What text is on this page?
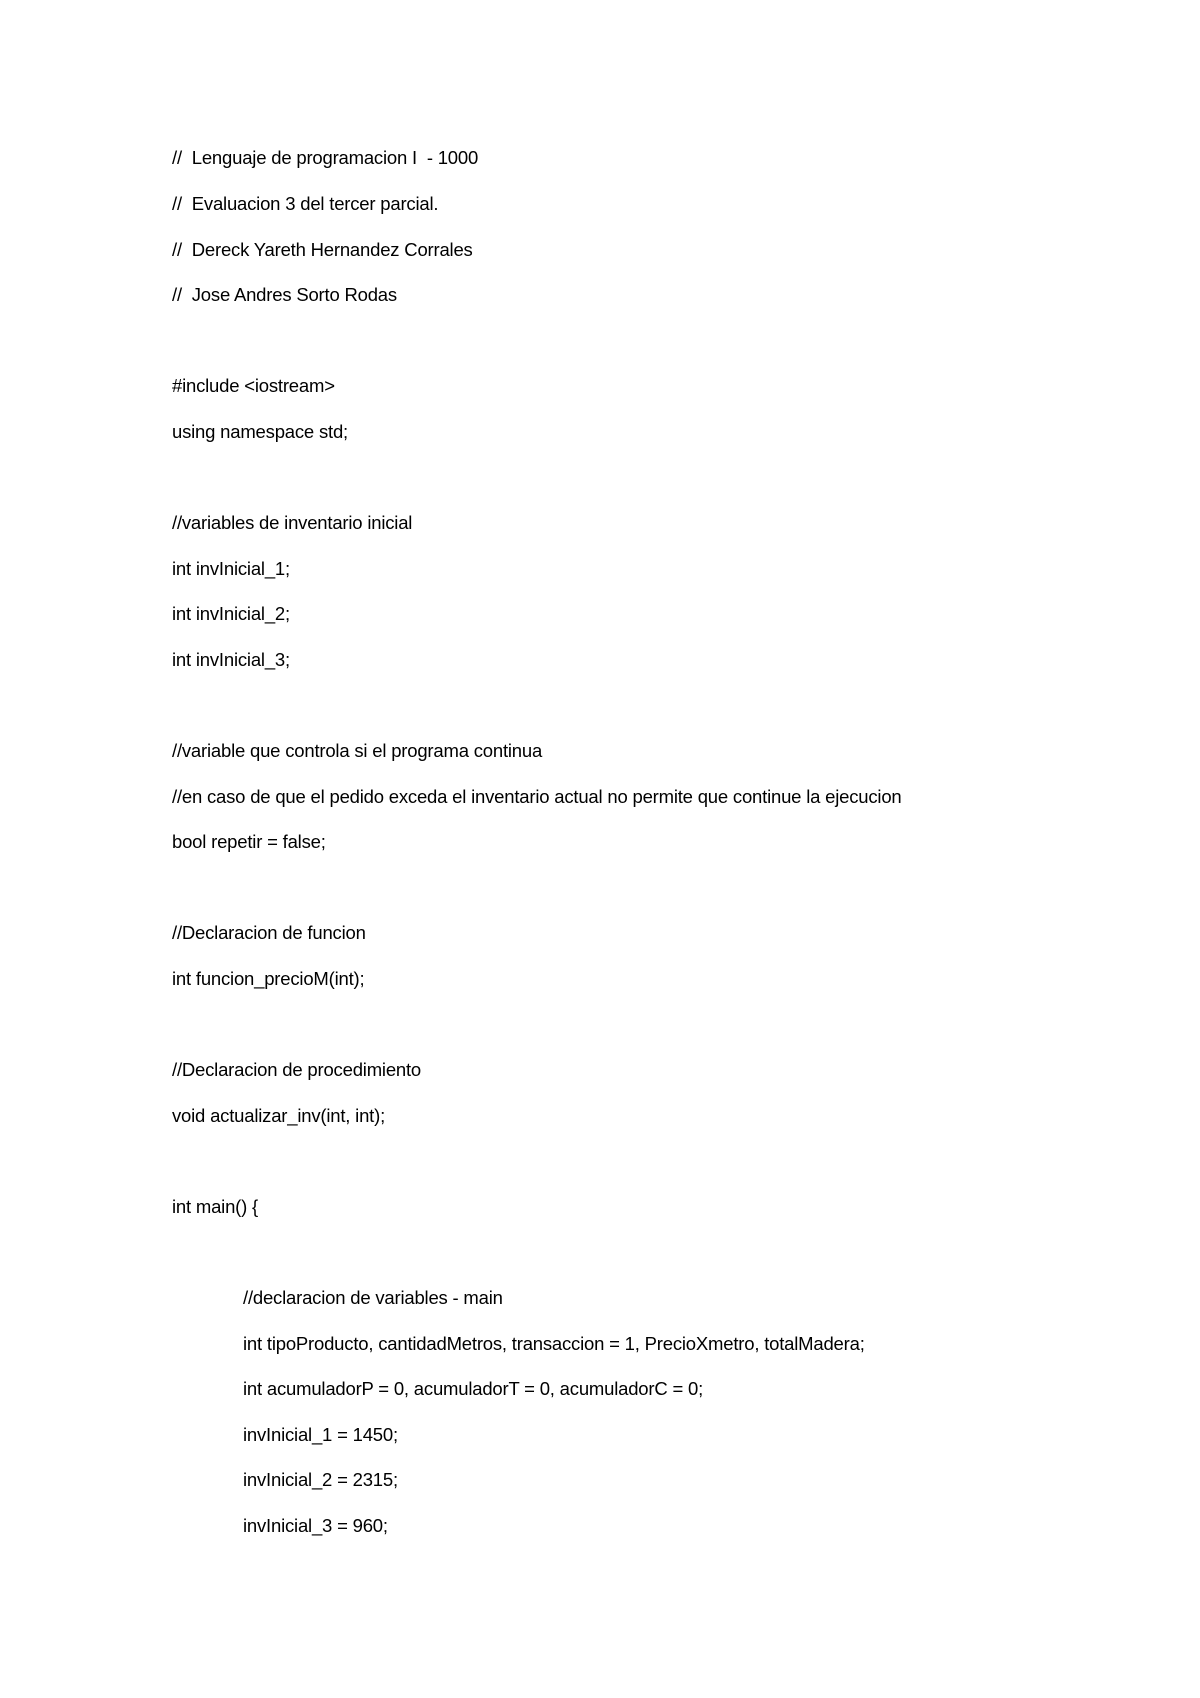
//  Lenguaje de programacion I  - 1000
//  Evaluacion 3 del tercer parcial.
//  Dereck Yareth Hernandez Corrales
//  Jose Andres Sorto Rodas
#include <iostream>
using namespace std;
//variables de inventario inicial
int invInicial_1;
int invInicial_2;
int invInicial_3;
//variable que controla si el programa continua
//en caso de que el pedido exceda el inventario actual no permite que continue la ejecucion
bool repetir = false;
//Declaracion de funcion
int funcion_precioM(int);
//Declaracion de procedimiento
void actualizar_inv(int, int);
int main() {
//declaracion de variables - main
int tipoProducto, cantidadMetros, transaccion = 1, PrecioXmetro, totalMadera;
int acumuladorP = 0, acumuladorT = 0, acumuladorC = 0;
invInicial_1 = 1450;
invInicial_2 = 2315;
invInicial_3 = 960;
